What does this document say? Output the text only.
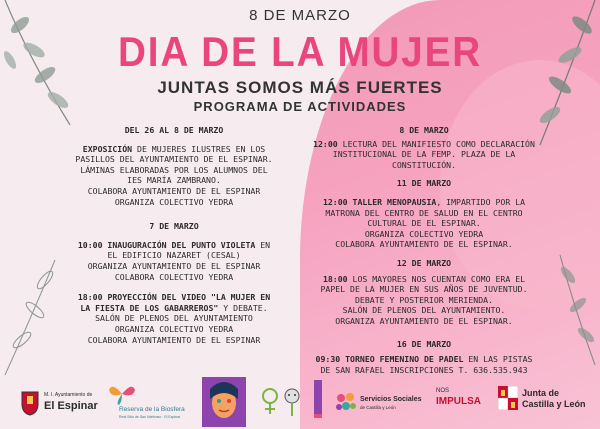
8 DE MARZO
DIA DE LA MUJER
JUNTAS SOMOS MÁS FUERTES
PROGRAMA DE ACTIVIDADES
DEL 26 AL 8 DE MARZO

EXPOSICIÓN DE MUJERES ILUSTRES EN LOS

PASILLOS DEL AYUNTAMIENTO DE EL ESPINAR.

LÁMINAS ELABORADAS POR LOS ALUMNOS DEL

IES MARÍA ZAMBRANO.

COLABORA AYUNTAMIENTO DE EL ESPINAR

ORGANIZA COLECTIVO YEDRA

7 DE MARZO

10:00 INAUGURACIÓN DEL PUNTO VIOLETA EN

EL EDIFICIO NAZARET (CESAL)

ORGANIZA AYUNTAMIENTO DE EL ESPINAR

COLABORA COLECTIVO YEDRA

18:00 PROYECCIÓN DEL VIDEO "LA MUJER EN

LA FIESTA DE LOS GABARREROS" Y DEBATE.

SALÓN DE PLENOS DEL AYUNTAMIENTO

ORGANIZA COLECTIVO YEDRA

COLABORA AYUNTAMIENTO DE EL ESPINAR

8 DE MARZO

12:00 LECTURA DEL MANIFIESTO COMO DECLARACIÓN

INSTITUCIONAL DE LA FEMP. PLAZA DE LA

CONSTITUCIÓN.

11 DE MARZO

12:00 TALLER MENOPAUSIA, IMPARTIDO POR LA

MATRONA DEL CENTRO DE SALUD EN EL CENTRO

CULTURAL DE EL ESPINAR.

ORGANIZA COLECTIVO YEDRA

COLABORA AYUNTAMIENTO DE EL ESPINAR.

12 DE MARZO

18:00 LOS MAYORES NOS CUENTAN COMO ERA EL

PAPEL DE LA MUJER EN SUS AÑOS DE JUVENTUD.

DEBATE Y POSTERIOR MERIENDA.

SALÓN DE PLENOS DEL AYUNTAMIENTO.

ORGANIZA AYUNTAMIENTO DE EL ESPINAR.

16 DE MARZO

09:30 TORNEO FEMENINO DE PADEL EN LAS PISTAS

DE SAN RAFAEL INSCRIPCIONES T. 636.535.943

M. I. Ayuntamiento de
El Espinar	Reserva de la Biosfera
Real Sitio de San Ildefonso · El Espinar
Servicios Sociales
de Castilla y León
NOS
IMPULSA
Junta de
Castilla y León
